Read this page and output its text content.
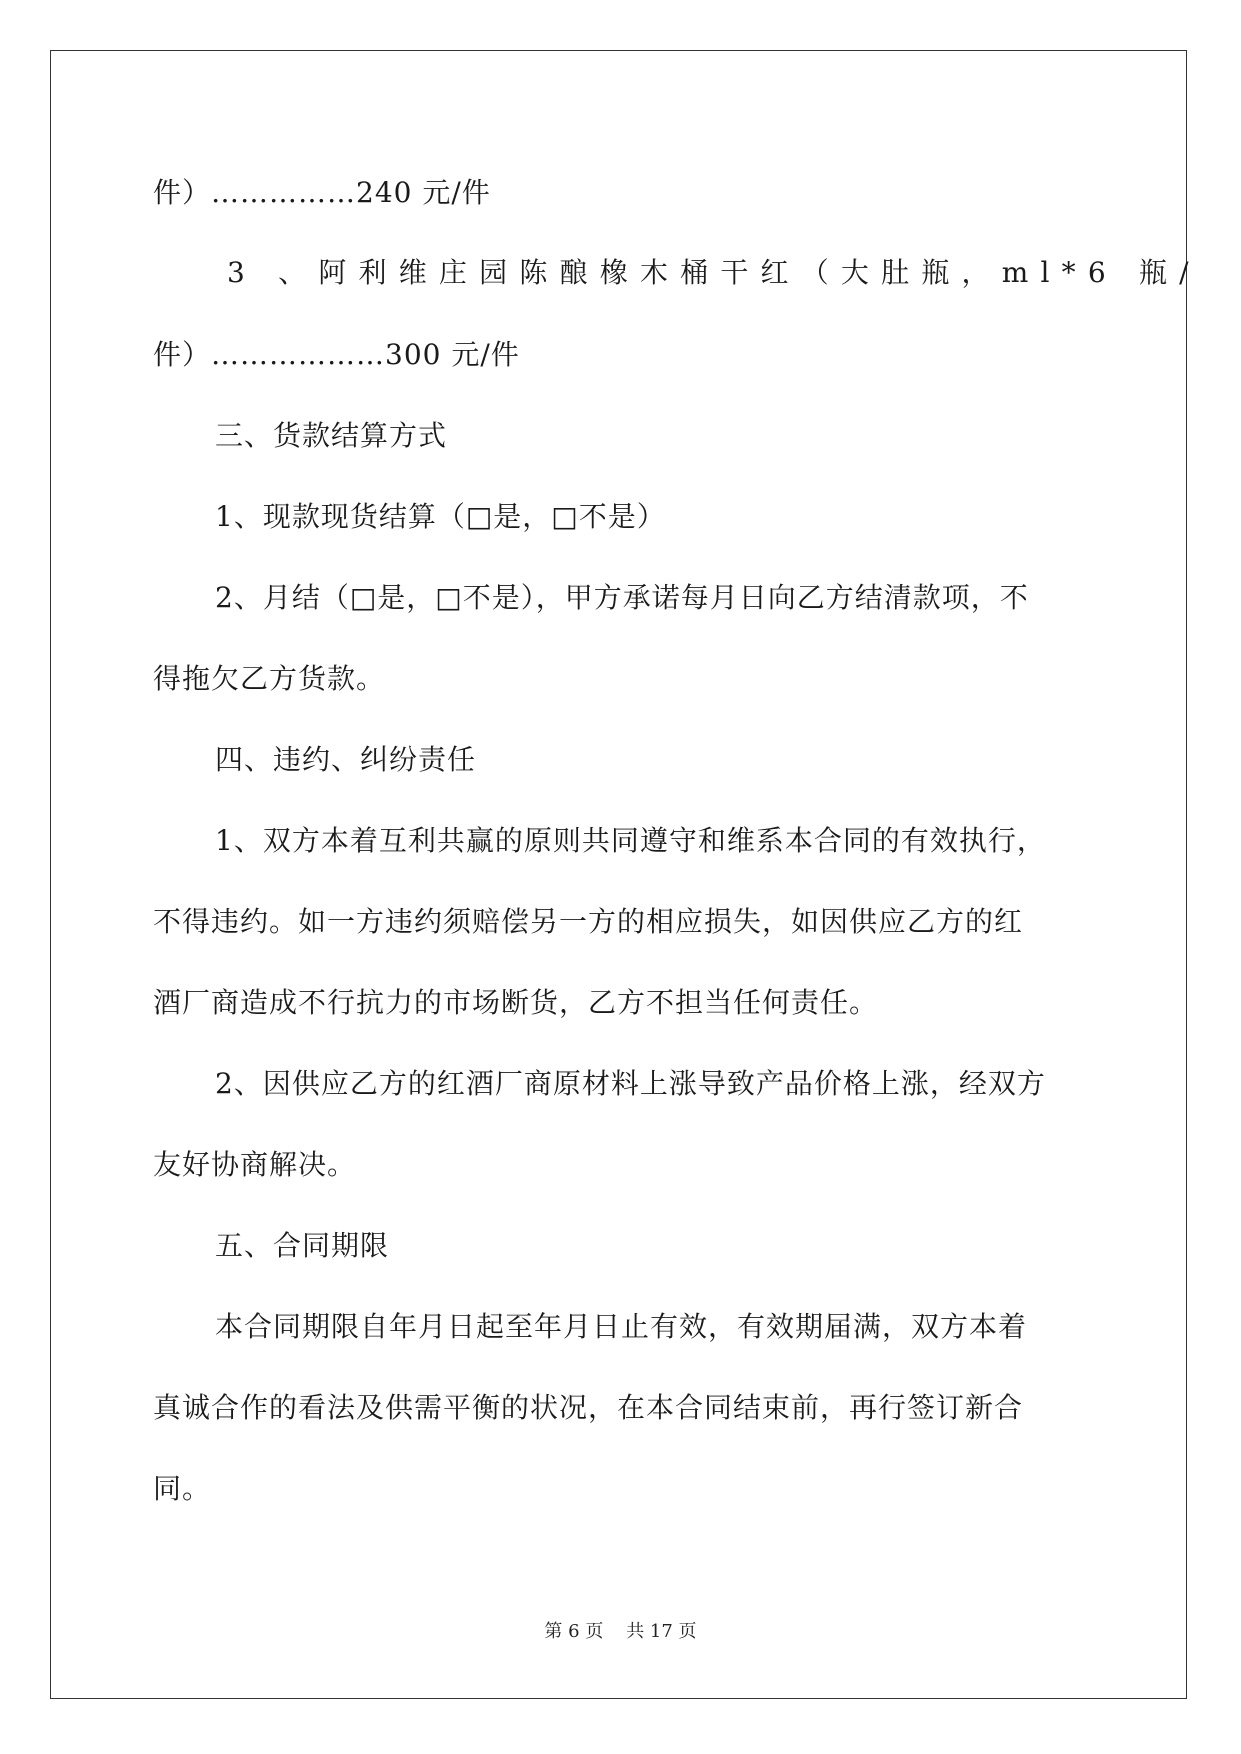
件）……………240 元/件
3 、阿利维庄园陈酿橡木桶干红（大肚瓶，ml*6 瓶/
件）………………300 元/件
三、货款结算方式
1、现款现货结算（□是，□不是）
2、月结（□是，□不是），甲方承诺每月日向乙方结清款项，不
得拖欠乙方货款。
四、违约、纠纷责任
1、双方本着互利共赢的原则共同遵守和维系本合同的有效执行，
不得违约。如一方违约须赔偿另一方的相应损失，如因供应乙方的红
酒厂商造成不行抗力的市场断货，乙方不担当任何责任。
2、因供应乙方的红酒厂商原材料上涨导致产品价格上涨，经双方
友好协商解决。
五、合同期限
本合同期限自年月日起至年月日止有效，有效期届满，双方本着
真诚合作的看法及供需平衡的状况，在本合同结束前，再行签订新合
同。
第 6 页    共 17 页
